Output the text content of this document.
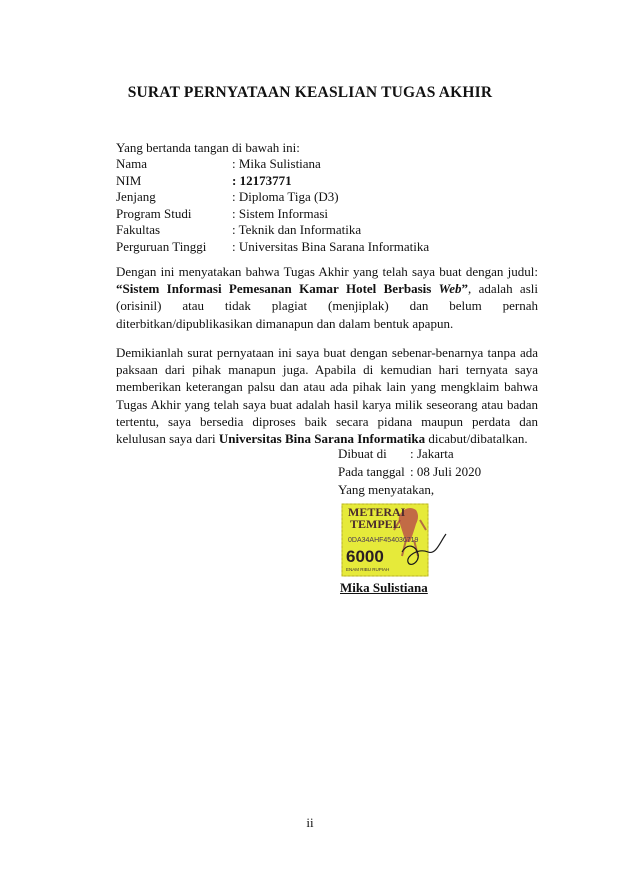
SURAT PERNYATAAN KEASLIAN TUGAS AKHIR
Yang bertanda tangan di bawah ini:
Nama	: Mika Sulistiana
NIM	: 12173771
Jenjang	: Diploma Tiga (D3)
Program Studi	: Sistem Informasi
Fakultas	: Teknik dan Informatika
Perguruan Tinggi	: Universitas Bina Sarana Informatika
Dengan ini menyatakan bahwa Tugas Akhir yang telah saya buat dengan judul: “Sistem Informasi Pemesanan Kamar Hotel Berbasis Web”, adalah asli (orisinil) atau tidak plagiat (menjiplak) dan belum pernah diterbitkan/dipublikasikan dimanapun dan dalam bentuk apapun.
Demikianlah surat pernyataan ini saya buat dengan sebenar-benarnya tanpa ada paksaan dari pihak manapun juga. Apabila di kemudian hari ternyata saya memberikan keterangan palsu dan atau ada pihak lain yang mengklaim bahwa Tugas Akhir yang telah saya buat adalah hasil karya milik seseorang atau badan tertentu, saya bersedia diproses baik secara pidana maupun perdata dan kelulusan saya dari Universitas Bina Sarana Informatika dicabut/dibatalkan.
Dibuat di : Jakarta
Pada tanggal : 08 Juli 2020
Yang menyatakan,
METERAI
TEMPEL
0DA34AHF454036719
6000
ENAM RIBU RUPIAH
Mika Sulistiana
ii
